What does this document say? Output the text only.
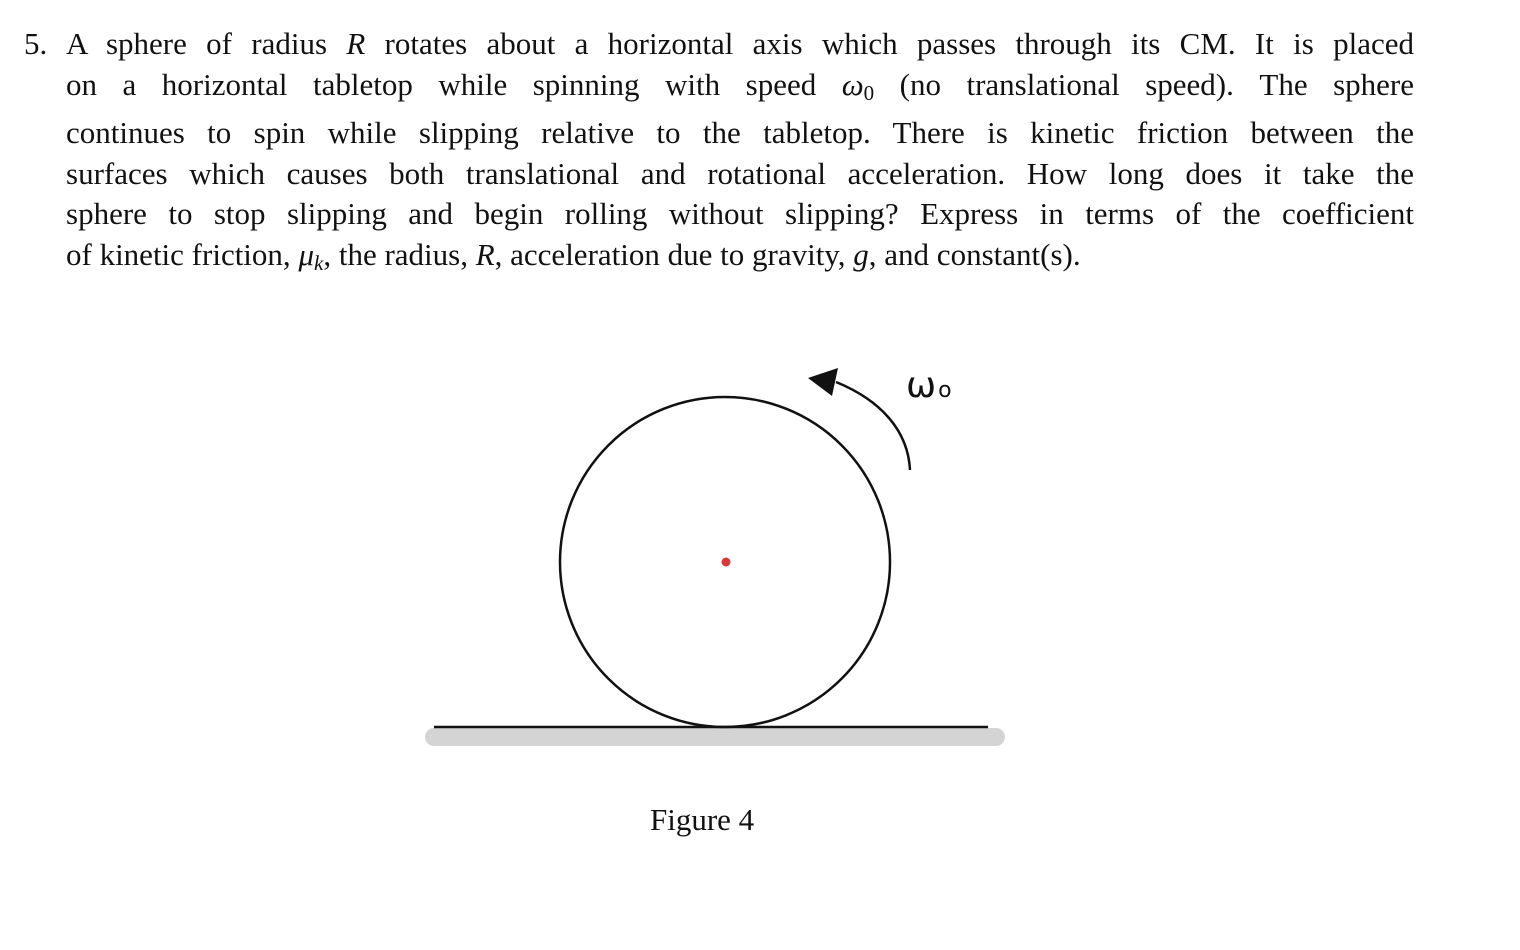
5. A sphere of radius R rotates about a horizontal axis which passes through its CM. It is placed
on a horizontal tabletop while spinning with speed ω0 (no translational speed). The sphere
continues to spin while slipping relative to the tabletop. There is kinetic friction between the
surfaces which causes both translational and rotational acceleration. How long does it take the
sphere to stop slipping and begin rolling without slipping? Express in terms of the coefficient
of kinetic friction, $\mu_k$, the radius, R, acceleration due to gravity, g, and constant(s).
ωo
Figure 4
